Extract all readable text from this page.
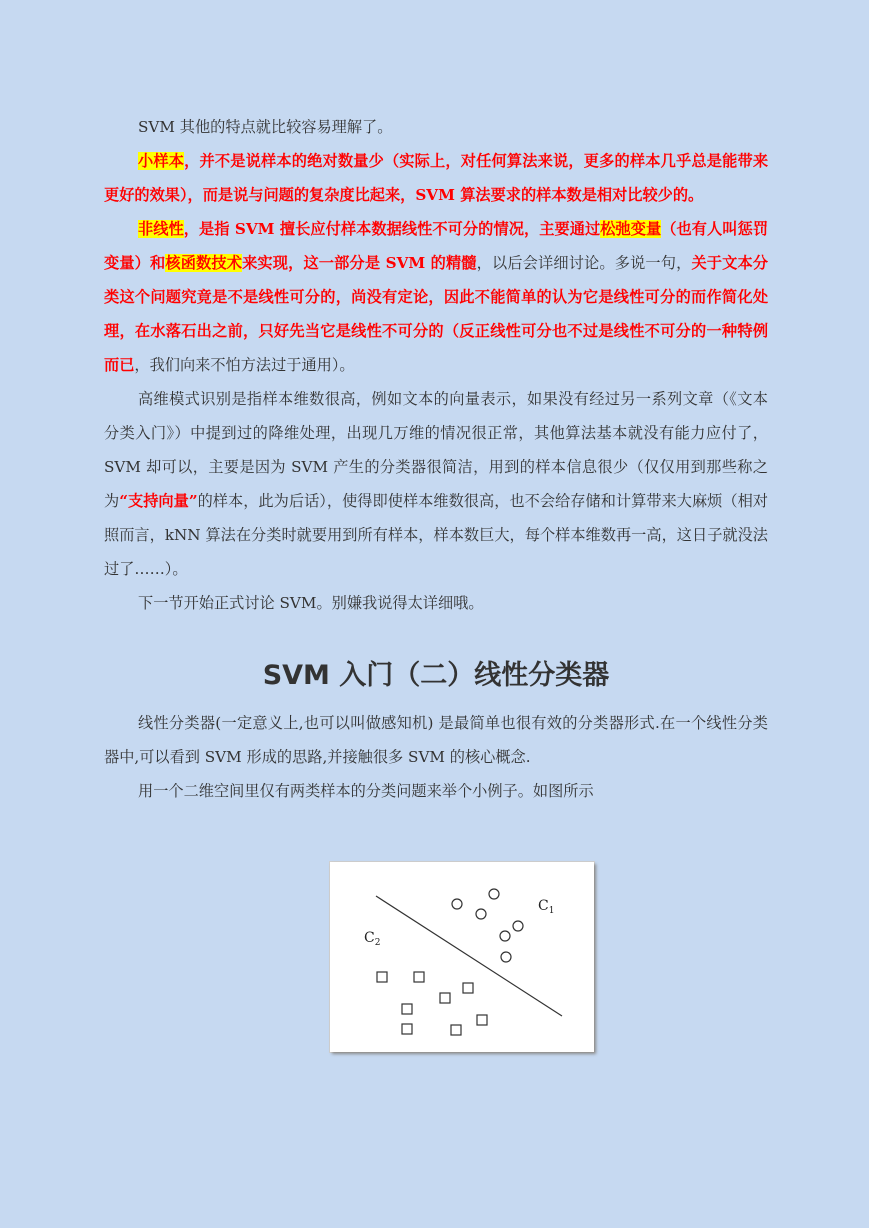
SVM 其他的特点就比较容易理解了。

小样本，并不是说样本的绝对数量少（实际上，对任何算法来说，更多的样本几乎总是能带来更好的效果），而是说与问题的复杂度比起来，SVM 算法要求的样本数是相对比较少的。

非线性，是指 SVM 擅长应付样本数据线性不可分的情况，主要通过松弛变量（也有人叫惩罚变量）和核函数技术来实现，这一部分是 SVM 的精髓，以后会详细讨论。多说一句，关于文本分类这个问题究竟是不是线性可分的，尚没有定论，因此不能简单的认为它是线性可分的而作简化处理，在水落石出之前，只好先当它是线性不可分的（反正线性可分也不过是线性不可分的一种特例而已，我们向来不怕方法过于通用）。

高维模式识别是指样本维数很高，例如文本的向量表示，如果没有经过另一系列文章（《文本分类入门》）中提到过的降维处理，出现几万维的情况很正常，其他算法基本就没有能力应付了，SVM 却可以，主要是因为 SVM 产生的分类器很简洁，用到的样本信息很少（仅仅用到那些称之为“支持向量”的样本，此为后话），使得即使样本维数很高，也不会给存储和计算带来大麻烦（相对照而言，kNN 算法在分类时就要用到所有样本，样本数巨大，每个样本维数再一高，这日子就没法过了……）。

下一节开始正式讨论 SVM。别嫌我说得太详细哦。

SVM 入门（二）线性分类器

线性分类器(一定意义上,也可以叫做感知机) 是最简单也很有效的分类器形式.在一个线性分类器中,可以看到 SVM 形成的思路,并接触很多 SVM 的核心概念.

用一个二维空间里仅有两类样本的分类问题来举个小例子。如图所示

$C_1$
$C_2$
